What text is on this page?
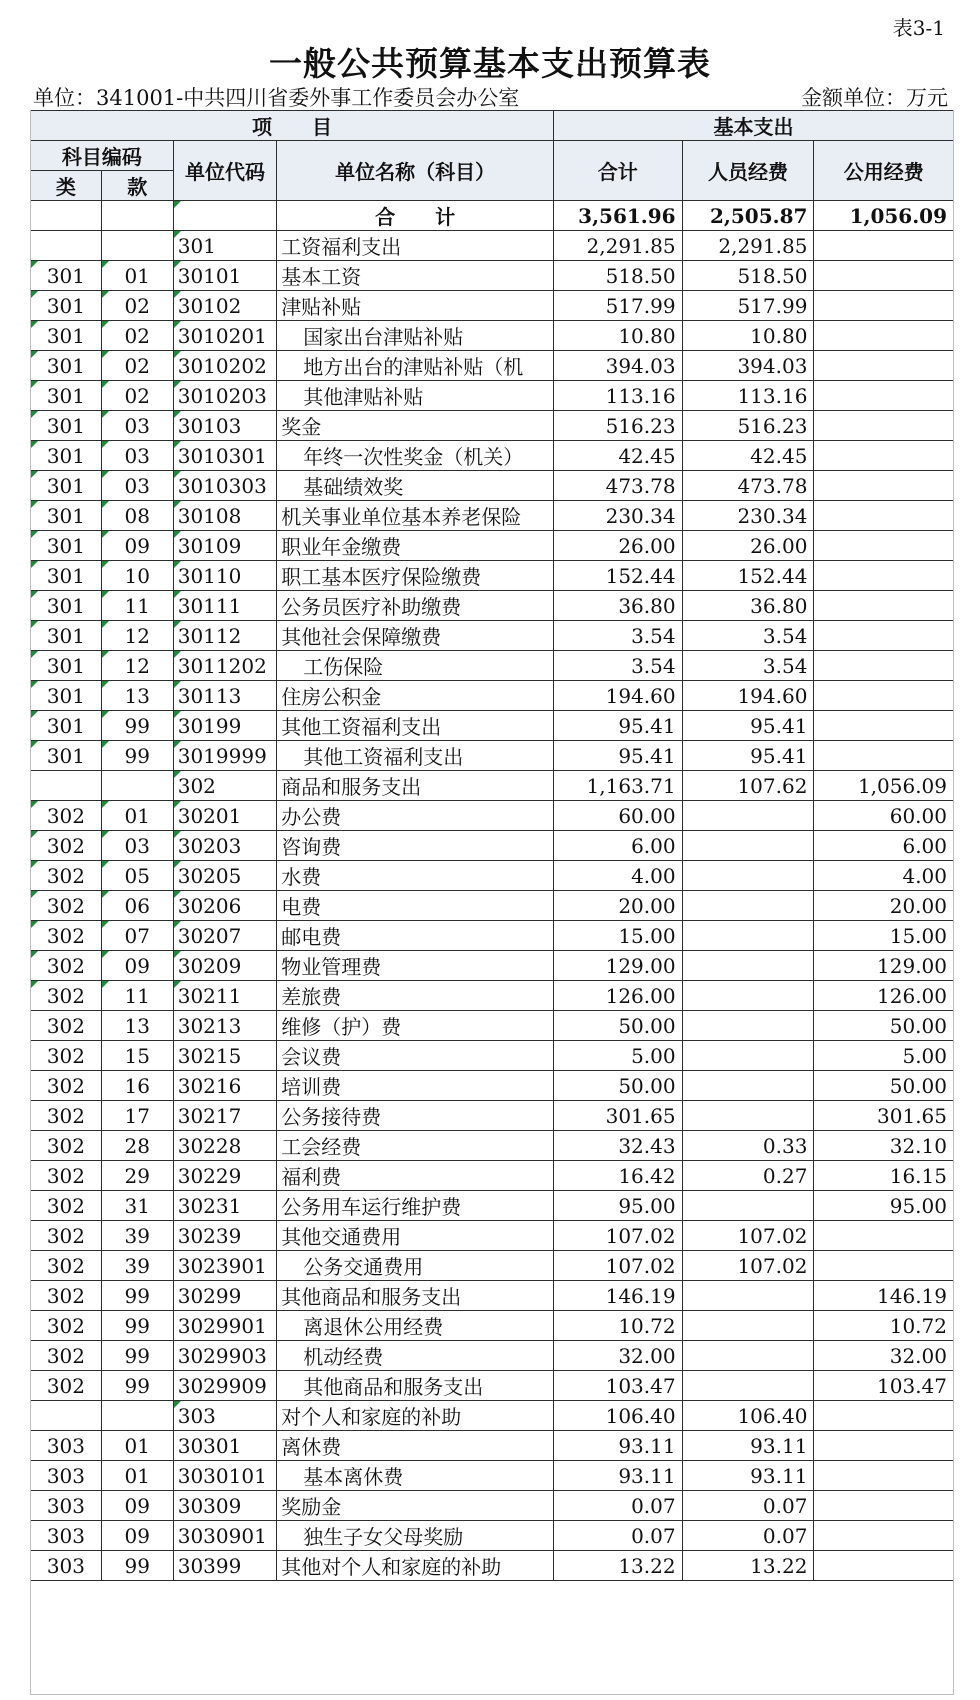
表3-1
一般公共预算基本支出预算表
单位：341001-中共四川省委外事工作委员会办公室	金额单位：万元
项　　目				基本支出		
科目编码		单位代码	单位名称（科目）	合计	人员经费	公用经费
类	款					
			合　　计	3,561.96	2,505.87	1,056.09
		301	工资福利支出	2,291.85	2,291.85	
301	01	30101	基本工资	518.50	518.50	
301	02	30102	津贴补贴	517.99	517.99	
301	02	3010201	国家出台津贴补贴	10.80	10.80	
301	02	3010202	地方出台的津贴补贴（机	394.03	394.03	
301	02	3010203	其他津贴补贴	113.16	113.16	
301	03	30103	奖金	516.23	516.23	
301	03	3010301	年终一次性奖金（机关）	42.45	42.45	
301	03	3010303	基础绩效奖	473.78	473.78	
301	08	30108	机关事业单位基本养老保险	230.34	230.34	
301	09	30109	职业年金缴费	26.00	26.00	
301	10	30110	职工基本医疗保险缴费	152.44	152.44	
301	11	30111	公务员医疗补助缴费	36.80	36.80	
301	12	30112	其他社会保障缴费	3.54	3.54	
301	12	3011202	工伤保险	3.54	3.54	
301	13	30113	住房公积金	194.60	194.60	
301	99	30199	其他工资福利支出	95.41	95.41	
301	99	3019999	其他工资福利支出	95.41	95.41	
		302	商品和服务支出	1,163.71	107.62	1,056.09
302	01	30201	办公费	60.00		60.00
302	03	30203	咨询费	6.00		6.00
302	05	30205	水费	4.00		4.00
302	06	30206	电费	20.00		20.00
302	07	30207	邮电费	15.00		15.00
302	09	30209	物业管理费	129.00		129.00
302	11	30211	差旅费	126.00		126.00
302	13	30213	维修（护）费	50.00		50.00
302	15	30215	会议费	5.00		5.00
302	16	30216	培训费	50.00		50.00
302	17	30217	公务接待费	301.65		301.65
302	28	30228	工会经费	32.43	0.33	32.10
302	29	30229	福利费	16.42	0.27	16.15
302	31	30231	公务用车运行维护费	95.00		95.00
302	39	30239	其他交通费用	107.02	107.02	
302	39	3023901	公务交通费用	107.02	107.02	
302	99	30299	其他商品和服务支出	146.19		146.19
302	99	3029901	离退休公用经费	10.72		10.72
302	99	3029903	机动经费	32.00		32.00
302	99	3029909	其他商品和服务支出	103.47		103.47
		303	对个人和家庭的补助	106.40	106.40	
303	01	30301	离休费	93.11	93.11	
303	01	3030101	基本离休费	93.11	93.11	
303	09	30309	奖励金	0.07	0.07	
303	09	3030901	独生子女父母奖励	0.07	0.07	
303	99	30399	其他对个人和家庭的补助	13.22	13.22	
